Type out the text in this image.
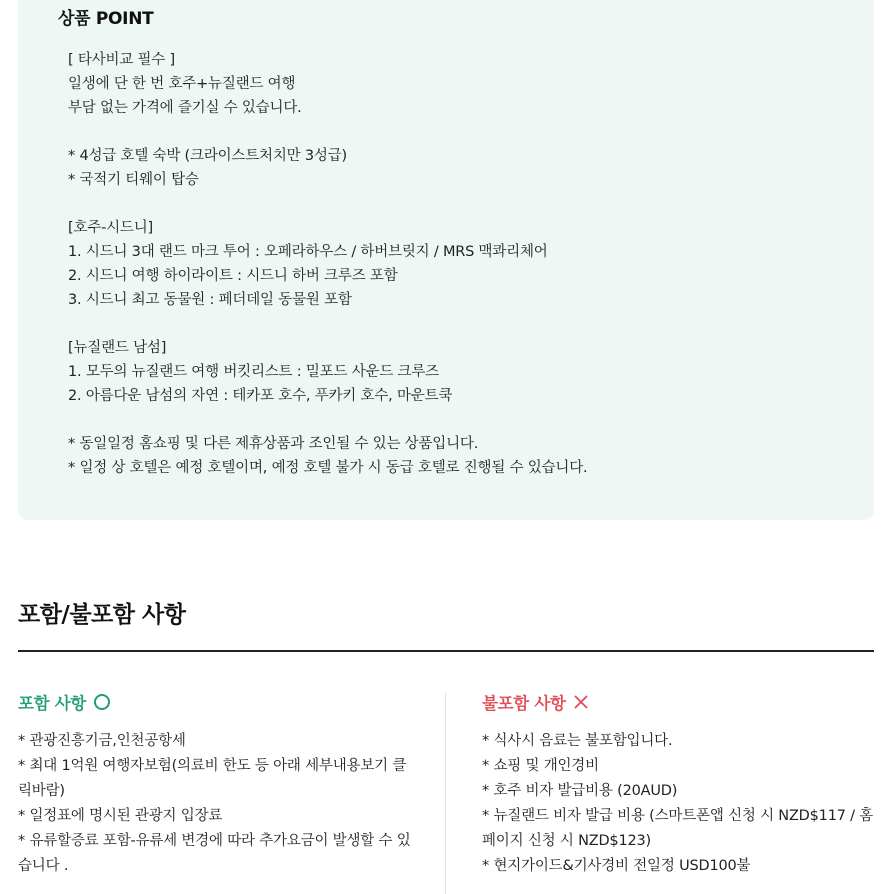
상품 POINT
[ 타사비교 필수 ]
일생에 단 한 번 호주+뉴질랜드 여행
부담 없는 가격에 즐기실 수 있습니다.
* 4성급 호텔 숙박 (크라이스트처치만 3성급)
* 국적기 티웨이 탑승
[호주-시드니]
1. 시드니 3대 랜드 마크 투어 : 오페라하우스 / 하버브릿지 / MRS 맥콰리체어
2. 시드니 여행 하이라이트 : 시드니 하버 크루즈 포함
3. 시드니 최고 동물원 : 페더데일 동물원 포함
[뉴질랜드 남섬]
1. 모두의 뉴질랜드 여행 버킷리스트 : 밀포드 사운드 크루즈
2. 아름다운 남섬의 자연 : 테카포 호수, 푸카키 호수, 마운트쿡
* 동일일정 홈쇼핑 및 다른 제휴상품과 조인될 수 있는 상품입니다.
* 일정 상 호텔은 예정 호텔이며, 예정 호텔 불가 시 동급 호텔로 진행될 수 있습니다.
포함/불포함 사항
포함 사항
* 관광진흥기금,인천공항세
* 최대 1억원 여행자보험(의료비 한도 등 아래 세부내용보기 클릭바람)
* 일정표에 명시된 관광지 입장료
* 유류할증료 포함-유류세 변경에 따라 추가요금이 발생할 수 있습니다 .
불포함 사항
* 식사시 음료는 불포함입니다.
* 쇼핑 및 개인경비
* 호주 비자 발급비용 (20AUD)
* 뉴질랜드 비자 발급 비용 (스마트폰앱 신청 시 NZD$117 / 홈페이지 신청 시 NZD$123)
* 현지가이드&기사경비 전일정 USD100불
